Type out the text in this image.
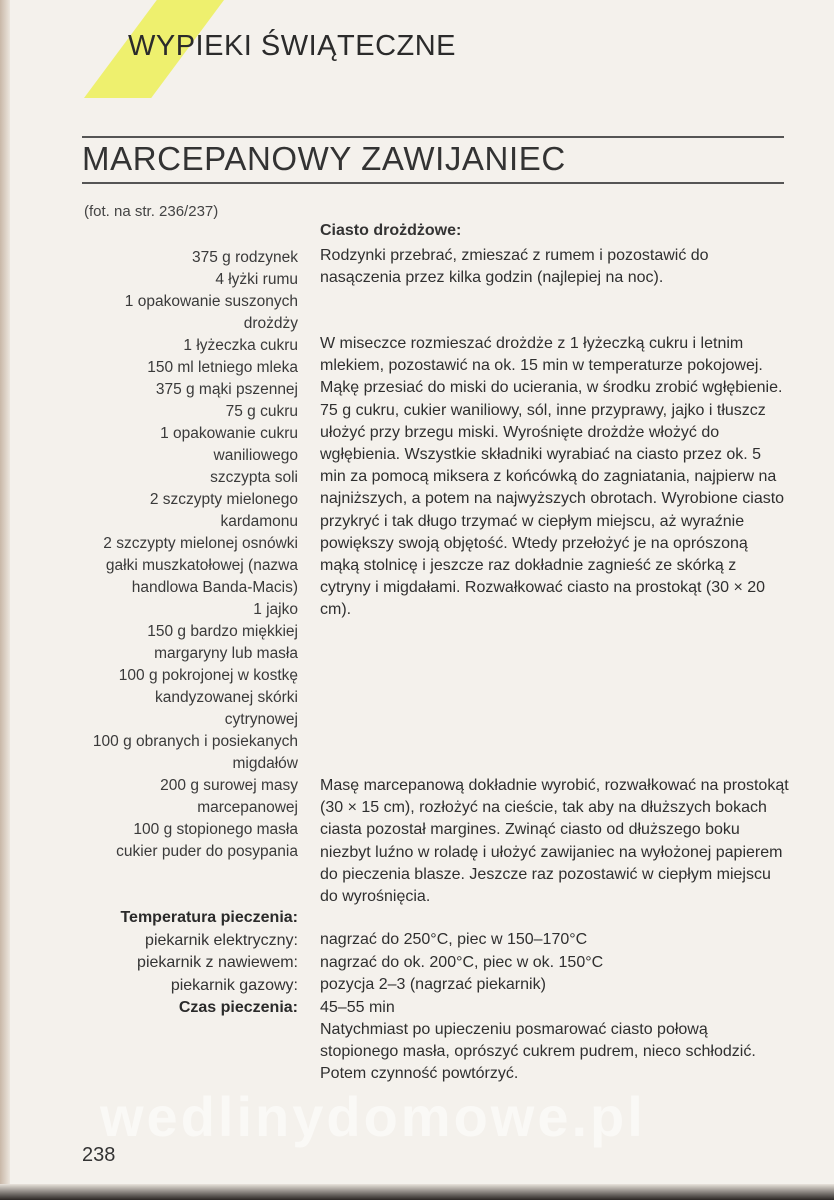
WYPIEKI ŚWIĄTECZNE
MARCEPANOWY ZAWIJANIEC
(fot. na str. 236/237)
Ciasto drożdżowe:
375 g rodzynek
4 łyżki rumu
1 opakowanie suszonych
drożdży
1 łyżeczka cukru
150 ml letniego mleka
375 g mąki pszennej
75 g cukru
1 opakowanie cukru
waniliowego
szczypta soli
2 szczypty mielonego
kardamonu
2 szczypty mielonej osnówki
gałki muszkatołowej (nazwa
handlowa Banda-Macis)
1 jajko
150 g bardzo miękkiej
margaryny lub masła
100 g pokrojonej w kostkę
kandyzowanej skórki
cytrynowej
100 g obranych i posiekanych
migdałów
200 g surowej masy
marcepanowej
100 g stopionego masła
cukier puder do posypania

Rodzynki przebrać, zmieszać z rumem i pozostawić do nasączenia przez kilka godzin (najlepiej na noc).

W miseczce rozmieszać drożdże z 1 łyżeczką cukru i letnim mlekiem, pozostawić na ok. 15 min w temperaturze pokojowej. Mąkę przesiać do miski do ucierania, w środku zrobić wgłębienie. 75 g cukru, cukier waniliowy, sól, inne przyprawy, jajko i tłuszcz ułożyć przy brzegu miski. Wyrośnięte drożdże włożyć do wgłębienia. Wszystkie składniki wyrabiać na ciasto przez ok. 5 min za pomocą miksera z końcówką do zagniatania, najpierw na najniższych, a potem na najwyższych obrotach. Wyrobione ciasto przykryć i tak długo trzymać w ciepłym miejscu, aż wyraźnie powiększy swoją objętość. Wtedy przełożyć je na oprószoną mąką stolnicę i jeszcze raz dokładnie zagnieść ze skórką z cytryny i migdałami. Rozwałkować ciasto na prostokąt (30 × 20 cm).

Masę marcepanową dokładnie wyrobić, rozwałkować na prostokąt (30 × 15 cm), rozłożyć na cieście, tak aby na dłuższych bokach ciasta pozostał margines. Zwinąć ciasto od dłuższego boku niezbyt luźno w roladę i ułożyć zawijaniec na wyłożonej papierem do pieczenia blasze. Jeszcze raz pozostawić w ciepłym miejscu do wyrośnięcia.

Temperatura pieczenia:
piekarnik elektryczny:
piekarnik z nawiewem:
piekarnik gazowy:
Czas pieczenia:
nagrzać do 250°C, piec w 150–170°C
nagrzać do ok. 200°C, piec w ok. 150°C
pozycja 2–3 (nagrzać piekarnik)
45–55 min

Natychmiast po upieczeniu posmarować ciasto połową stopionego masła, oprószyć cukrem pudrem, nieco schłodzić. Potem czynność powtórzyć.

wedlinydomowe.pl
238
